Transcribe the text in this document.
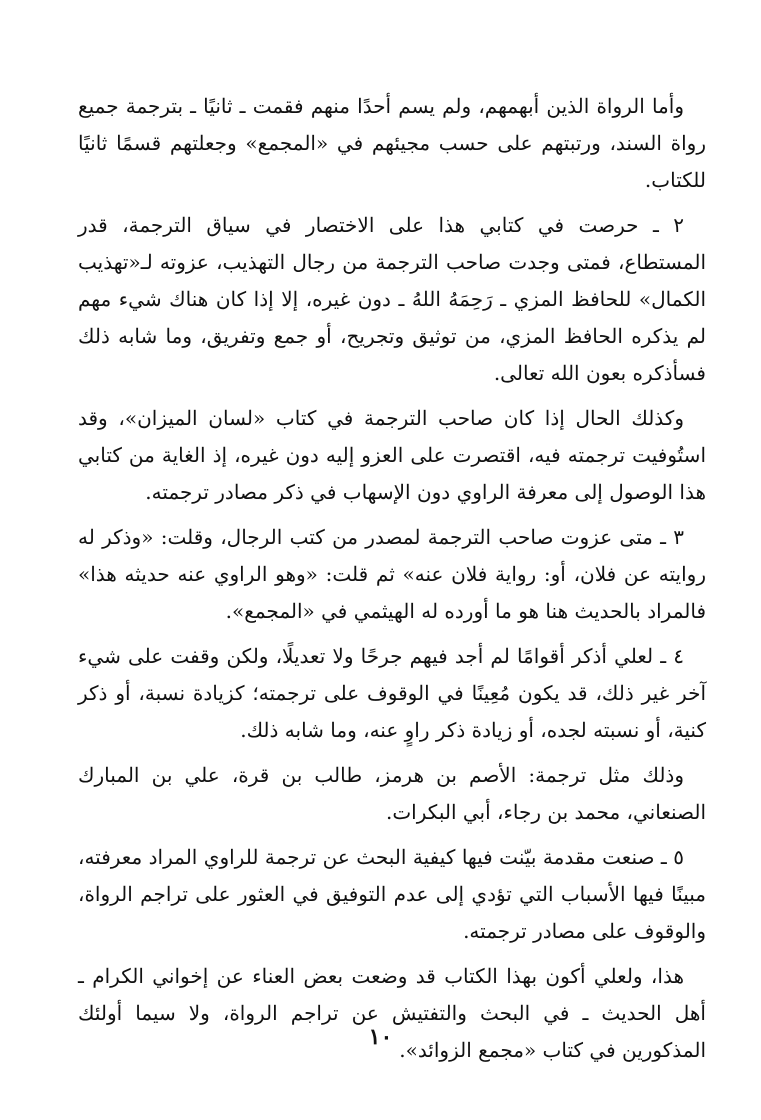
وأما الرواة الذين أبهمهم، ولم يسم أحدًا منهم فقمت ـ ثانيًا ـ بترجمة جميع رواة السند، ورتبتهم على حسب مجيئهم في «المجمع» وجعلتهم قسمًا ثانيًا للكتاب.

٢ ـ حرصت في كتابي هذا على الاختصار في سياق الترجمة، قدر المستطاع، فمتى وجدت صاحب الترجمة من رجال التهذيب، عزوته لـ«تهذيب الكمال» للحافظ المزي ـ رَحِمَهُ اللهُ ـ دون غيره، إلا إذا كان هناك شيء مهم لم يذكره الحافظ المزي، من توثيق وتجريح، أو جمع وتفريق، وما شابه ذلك فسأذكره بعون الله تعالى.

وكذلك الحال إذا كان صاحب الترجمة في كتاب «لسان الميزان»، وقد استُوفيت ترجمته فيه، اقتصرت على العزو إليه دون غيره، إذ الغاية من كتابي هذا الوصول إلى معرفة الراوي دون الإسهاب في ذكر مصادر ترجمته.

٣ ـ متى عزوت صاحب الترجمة لمصدر من كتب الرجال، وقلت: «وذكر له روايته عن فلان، أو: رواية فلان عنه» ثم قلت: «وهو الراوي عنه حديثه هذا» فالمراد بالحديث هنا هو ما أورده له الهيثمي في «المجمع».

٤ ـ لعلي أذكر أقوامًا لم أجد فيهم جرحًا ولا تعديلًا، ولكن وقفت على شيء آخر غير ذلك، قد يكون مُعِينًا في الوقوف على ترجمته؛ كزيادة نسبة، أو ذكر كنية، أو نسبته لجده، أو زيادة ذكر راوٍ عنه، وما شابه ذلك.

وذلك مثل ترجمة: الأصم بن هرمز، طالب بن قرة، علي بن المبارك الصنعاني، محمد بن رجاء، أبي البكرات.

٥ ـ صنعت مقدمة بيّنت فيها كيفية البحث عن ترجمة للراوي المراد معرفته، مبينًا فيها الأسباب التي تؤدي إلى عدم التوفيق في العثور على تراجم الرواة، والوقوف على مصادر ترجمته.

هذا، ولعلي أكون بهذا الكتاب قد وضعت بعض العناء عن إخواني الكرام ـ أهل الحديث ـ في البحث والتفتيش عن تراجم الرواة، ولا سيما أولئك المذكورين في كتاب «مجمع الزوائد».

١٠
